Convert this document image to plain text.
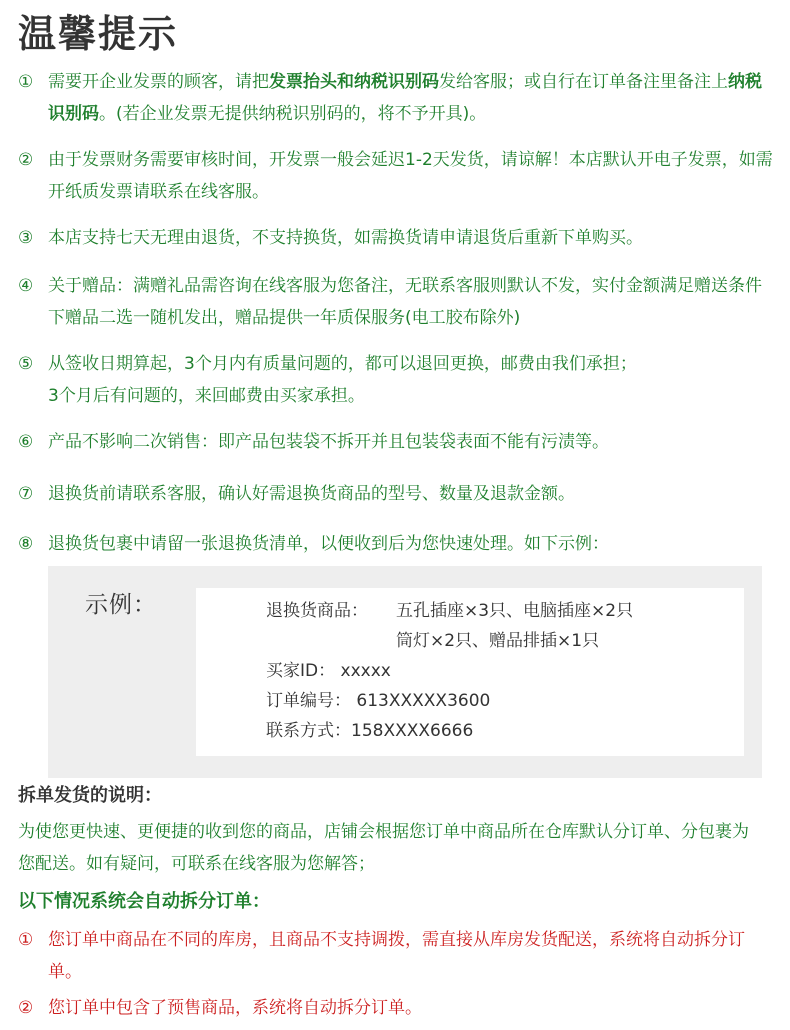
温馨提示
① 需要开企业发票的顾客，请把发票抬头和纳税识别码发给客服；或自行在订单备注里备注上纳税识别码。(若企业发票无提供纳税识别码的，将不予开具)。
② 由于发票财务需要审核时间，开发票一般会延迟1-2天发货，请谅解！本店默认开电子发票，如需开纸质发票请联系在线客服。
③ 本店支持七天无理由退货，不支持换货，如需换货请申请退货后重新下单购买。
④ 关于赠品：满赠礼品需咨询在线客服为您备注，无联系客服则默认不发，实付金额满足赠送条件下赠品二选一随机发出，赠品提供一年质保服务(电工胶布除外)
⑤ 从签收日期算起，3个月内有质量问题的，都可以退回更换，邮费由我们承担；
3个月后有问题的，来回邮费由买家承担。
⑥ 产品不影响二次销售：即产品包装袋不拆开并且包装袋表面不能有污渍等。
⑦ 退换货前请联系客服，确认好需退换货商品的型号、数量及退款金额。
⑧ 退换货包裹中请留一张退换货清单，以便收到后为您快速处理。如下示例：
示例：	退换货商品： 五孔插座×3只、电脑插座×2只
筒灯×2只、赠品排插×1只
买家ID： xxxxx
订单编号： 613XXXXX3600
联系方式：158XXXX6666
拆单发货的说明：
为使您更快速、更便捷的收到您的商品，店铺会根据您订单中商品所在仓库默认分订单、分包裹为您配送。如有疑问，可联系在线客服为您解答；
以下情况系统会自动拆分订单：
① 您订单中商品在不同的库房，且商品不支持调拨，需直接从库房发货配送，系统将自动拆分订单。
② 您订单中包含了预售商品，系统将自动拆分订单。
